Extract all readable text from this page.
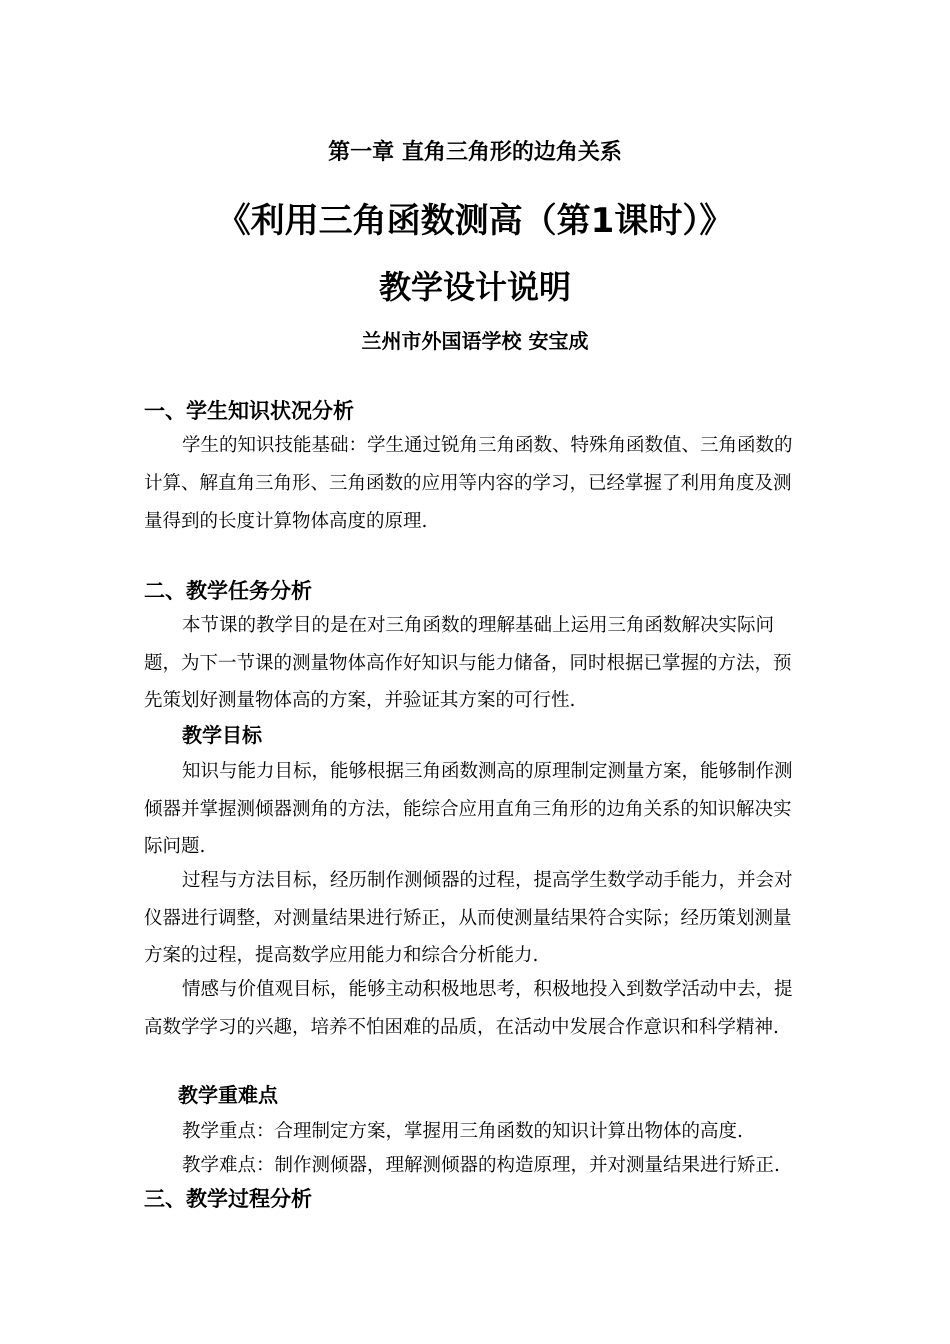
第一章 直角三角形的边角关系
《利用三角函数测高（第1课时）》
教学设计说明
兰州市外国语学校 安宝成
一、学生知识状况分析
学生的知识技能基础：学生通过锐角三角函数、特殊角函数值、三角函数的
计算、解直角三角形、三角函数的应用等内容的学习，已经掌握了利用角度及测
量得到的长度计算物体高度的原理.
二、教学任务分析
本节课的教学目的是在对三角函数的理解基础上运用三角函数解决实际问
题，为下一节课的测量物体高作好知识与能力储备，同时根据已掌握的方法，预
先策划好测量物体高的方案，并验证其方案的可行性.
教学目标
知识与能力目标，能够根据三角函数测高的原理制定测量方案，能够制作测
倾器并掌握测倾器测角的方法，能综合应用直角三角形的边角关系的知识解决实
际问题.
过程与方法目标，经历制作测倾器的过程，提高学生数学动手能力，并会对
仪器进行调整，对测量结果进行矫正，从而使测量结果符合实际；经历策划测量
方案的过程，提高数学应用能力和综合分析能力.
情感与价值观目标，能够主动积极地思考，积极地投入到数学活动中去，提
高数学学习的兴趣，培养不怕困难的品质，在活动中发展合作意识和科学精神.
教学重难点
教学重点：合理制定方案，掌握用三角函数的知识计算出物体的高度.
教学难点：制作测倾器，理解测倾器的构造原理，并对测量结果进行矫正.
三、教学过程分析
